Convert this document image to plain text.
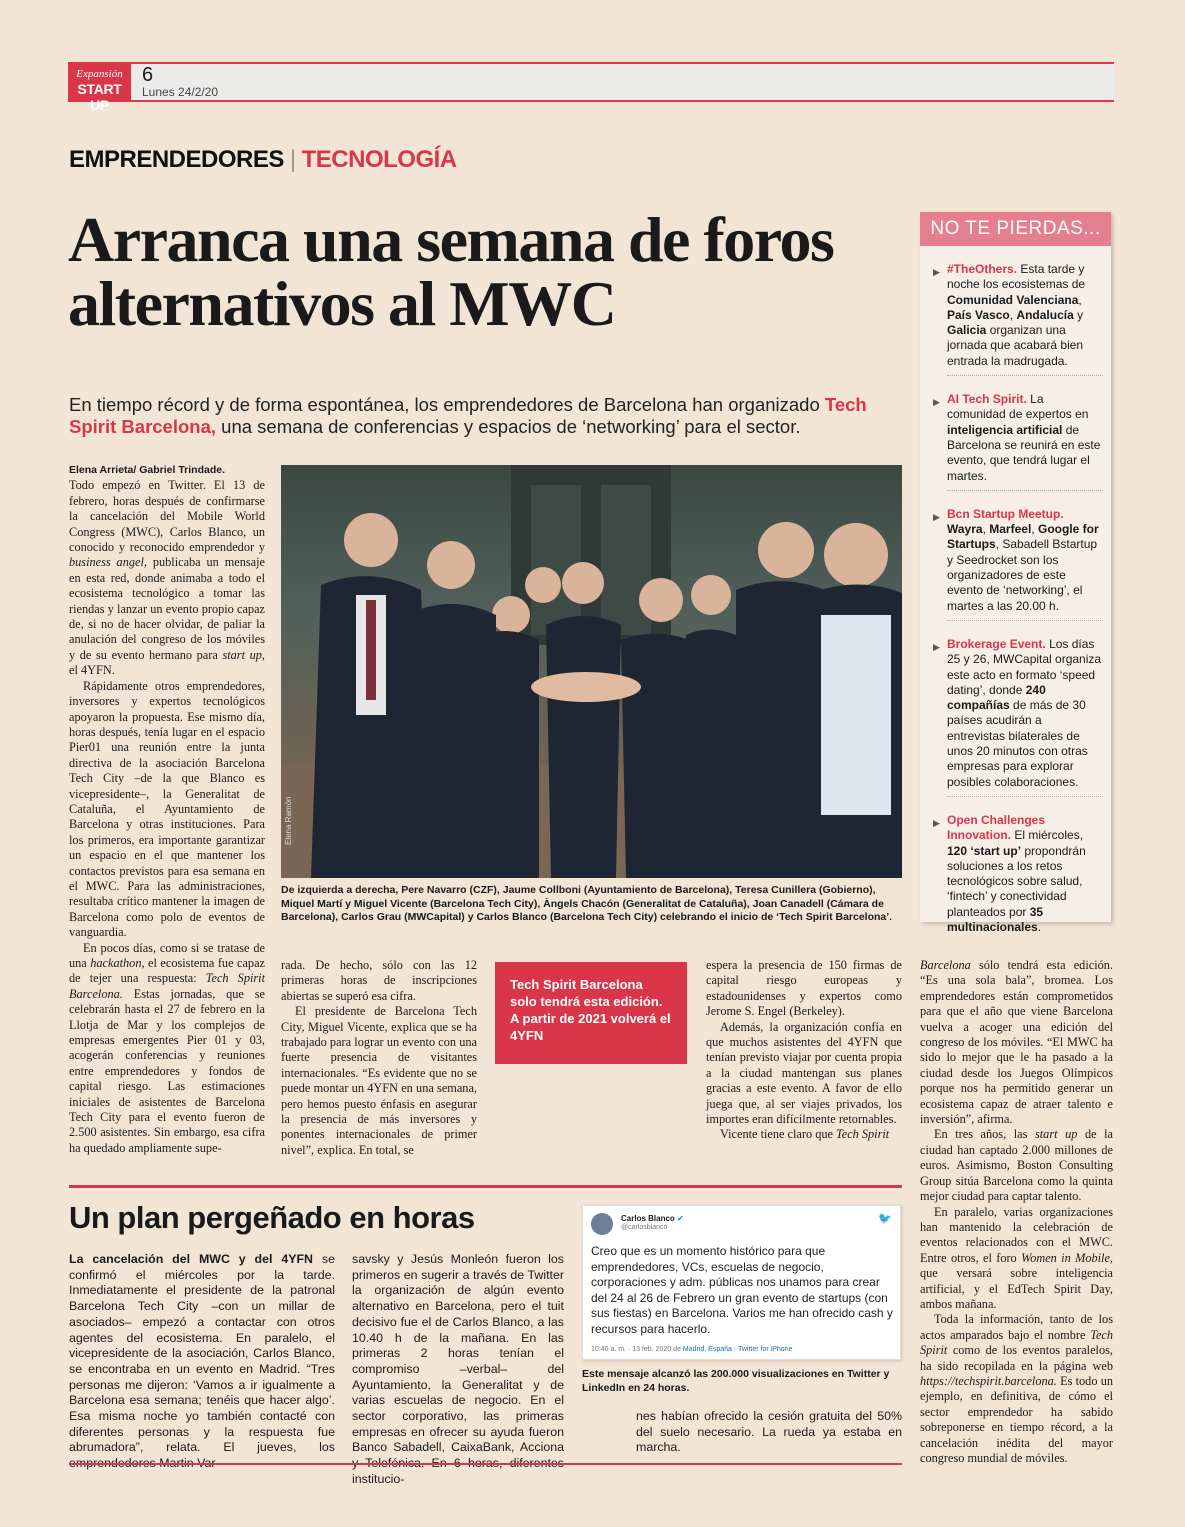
Expansión
START UP
6
Lunes 24/2/20
EMPRENDEDORES | TECNOLOGÍA
Arranca una semana de foros alternativos al MWC
En tiempo récord y de forma espontánea, los emprendedores de Barcelona han organizado Tech Spirit Barcelona, una semana de conferencias y espacios de ‘networking’ para el sector.

Elena Arrieta/ Gabriel Trindade.

Todo empezó en Twitter. El 13 de febrero, horas después de confirmarse la cancelación del Mobile World Congress (MWC), Carlos Blanco, un conocido y reconocido emprendedor y business angel, publicaba un mensaje en esta red, donde animaba a todo el ecosistema tecnológico a tomar las riendas y lanzar un evento propio capaz de, si no de hacer olvidar, de paliar la anulación del congreso de los móviles y de su evento hermano para start up, el 4YFN.

Rápidamente otros emprendedores, inversores y expertos tecnológicos apoyaron la propuesta. Ese mismo día, horas después, tenía lugar en el espacio Pier01 una reunión entre la junta directiva de la asociación Barcelona Tech City –de la que Blanco es vicepresidente–, la Generalitat de Cataluña, el Ayuntamiento de Barcelona y otras instituciones. Para los primeros, era importante garantizar un espacio en el que mantener los contactos previstos para esa semana en el MWC. Para las administraciones, resultaba crítico mantener la imagen de Barcelona como polo de eventos de vanguardia.

En pocos días, como si se tratase de una hackathon, el ecosistema fue capaz de tejer una respuesta: Tech Spirit Barcelona. Estas jornadas, que se celebrarán hasta el 27 de febrero en la Llotja de Mar y los complejos de empresas emergentes Pier 01 y 03, acogerán conferencias y reuniones entre emprendedores y fondos de capital riesgo. Las estimaciones iniciales de asistentes de Barcelona Tech City para el evento fueron de 2.500 asistentes. Sin embargo, esa cifra ha quedado ampliamente supe-

Elena Ramón
De izquierda a derecha, Pere Navarro (CZF), Jaume Collboni (Ayuntamiento de Barcelona), Teresa Cunillera (Gobierno), Miquel Martí y Miguel Vicente (Barcelona Tech City), Àngels Chacón (Generalitat de Cataluña), Joan Canadell (Cámara de Barcelona), Carlos Grau (MWCapital) y Carlos Blanco (Barcelona Tech City) celebrando el inicio de ‘Tech Spirit Barcelona’.

rada. De hecho, sólo con las 12 primeras horas de inscripciones abiertas se superó esa cifra.

El presidente de Barcelona Tech City, Miguel Vicente, explica que se ha trabajado para lograr un evento con una fuerte presencia de visitantes internacionales. “Es evidente que no se puede montar un 4YFN en una semana, pero hemos puesto énfasis en asegurar la presencia de más inversores y ponentes internacionales de primer nivel”, explica. En total, se

Tech Spirit Barcelona solo tendrá esta edición. A partir de 2021 volverá el 4YFN

espera la presencia de 150 firmas de capital riesgo europeas y estadounidenses y expertos como Jerome S. Engel (Berkeley).

Además, la organización confía en que muchos asistentes del 4YFN que tenían previsto viajar por cuenta propia a la ciudad mantengan sus planes gracias a este evento. A favor de ello juega que, al ser viajes privados, los importes eran difícilmente retornables.

Vicente tiene claro que Tech Spirit

Barcelona sólo tendrá esta edición. “Es una sola bala”, bromea. Los emprendedores están comprometidos para que el año que viene Barcelona vuelva a acoger una edición del congreso de los móviles. “El MWC ha sido lo mejor que le ha pasado a la ciudad desde los Juegos Olímpicos porque nos ha permitido generar un ecosistema capaz de atraer talento e inversión”, afirma.

En tres años, las start up de la ciudad han captado 2.000 millones de euros. Asimismo, Boston Consulting Group sitúa Barcelona como la quinta mejor ciudad para captar talento.

En paralelo, varias organizaciones han mantenido la celebración de eventos relacionados con el MWC. Entre otros, el foro Women in Mobile, que versará sobre inteligencia artificial, y el EdTech Spirit Day, ambos mañana.

Toda la información, tanto de los actos amparados bajo el nombre Tech Spirit como de los eventos paralelos, ha sido recopilada en la página web https://techspirit.barcelona. Es todo un ejemplo, en definitiva, de cómo el sector emprendedor ha sabido sobreponerse en tiempo récord, a la cancelación inédita del mayor congreso mundial de móviles.

NO TE PIERDAS...
▶ #TheOthers. Esta tarde y noche los ecosistemas de Comunidad Valenciana, País Vasco, Andalucía y Galicia organizan una jornada que acabará bien entrada la madrugada.
▶ AI Tech Spirit. La comunidad de expertos en inteligencia artificial de Barcelona se reunirá en este evento, que tendrá lugar el martes.
▶ Bcn Startup Meetup. Wayra, Marfeel, Google for Startups, Sabadell Bstartup y Seedrocket son los organizadores de este evento de ‘networking’, el martes a las 20.00 h.
▶ Brokerage Event. Los días 25 y 26, MWCapital organiza este acto en formato ‘speed dating’, donde 240 compañías de más de 30 países acudirán a entrevistas bilaterales de unos 20 minutos con otras empresas para explorar posibles colaboraciones.
▶ Open Challenges Innovation. El miércoles, 120 ‘start up’ propondrán soluciones a los retos tecnológicos sobre salud, ‘fintech’ y conectividad planteados por 35 multinacionales.
Un plan pergeñado en horas
La cancelación del MWC y del 4YFN se confirmó el miércoles por la tarde. Inmediatamente el presidente de la patronal Barcelona Tech City –con un millar de asociados– empezó a contactar con otros agentes del ecosistema. En paralelo, el vicepresidente de la asociación, Carlos Blanco, se encontraba en un evento en Madrid. “Tres personas me dijeron: ‘Vamos a ir igualmente a Barcelona esa semana; tenéis que hacer algo’. Esa misma noche yo también contacté con diferentes personas y la respuesta fue abrumadora”, relata. El jueves, los
savsky y Jesús Monleón fueron los primeros en sugerir a través de Twitter la organización de algún evento alternativo en Barcelona, pero el tuit decisivo fue el de Carlos Blanco, a las 10.40 h de la mañana. En las primeras 2 horas tenían el compromiso –verbal– del Ayuntamiento, la Generalitat y de varias escuelas de negocio. En el sector corporativo, las primeras empresas en ofrecer su ayuda fueron Banco Sabadell, CaixaBank, Acciona institucio-
nes habían ofrecido la cesión gratuita del 50% del suelo necesario. La rueda ya estaba en marcha.
Carlos Blanco ✔
@carlosblanco
🐦
Creo que es un momento histórico para que emprendedores, VCs, escuelas de negocio, corporaciones y adm. públicas nos unamos para crear del 24 al 26 de Febrero un gran evento de startups (con sus fiestas) en Barcelona. Varios me han ofrecido cash y recursos para hacerlo.
10:40 a. m. · 13 feb. 2020 de Madrid, España · Twitter for iPhone
Este mensaje alcanzó las 200.000 visualizaciones en Twitter y LinkedIn en 24 horas.
